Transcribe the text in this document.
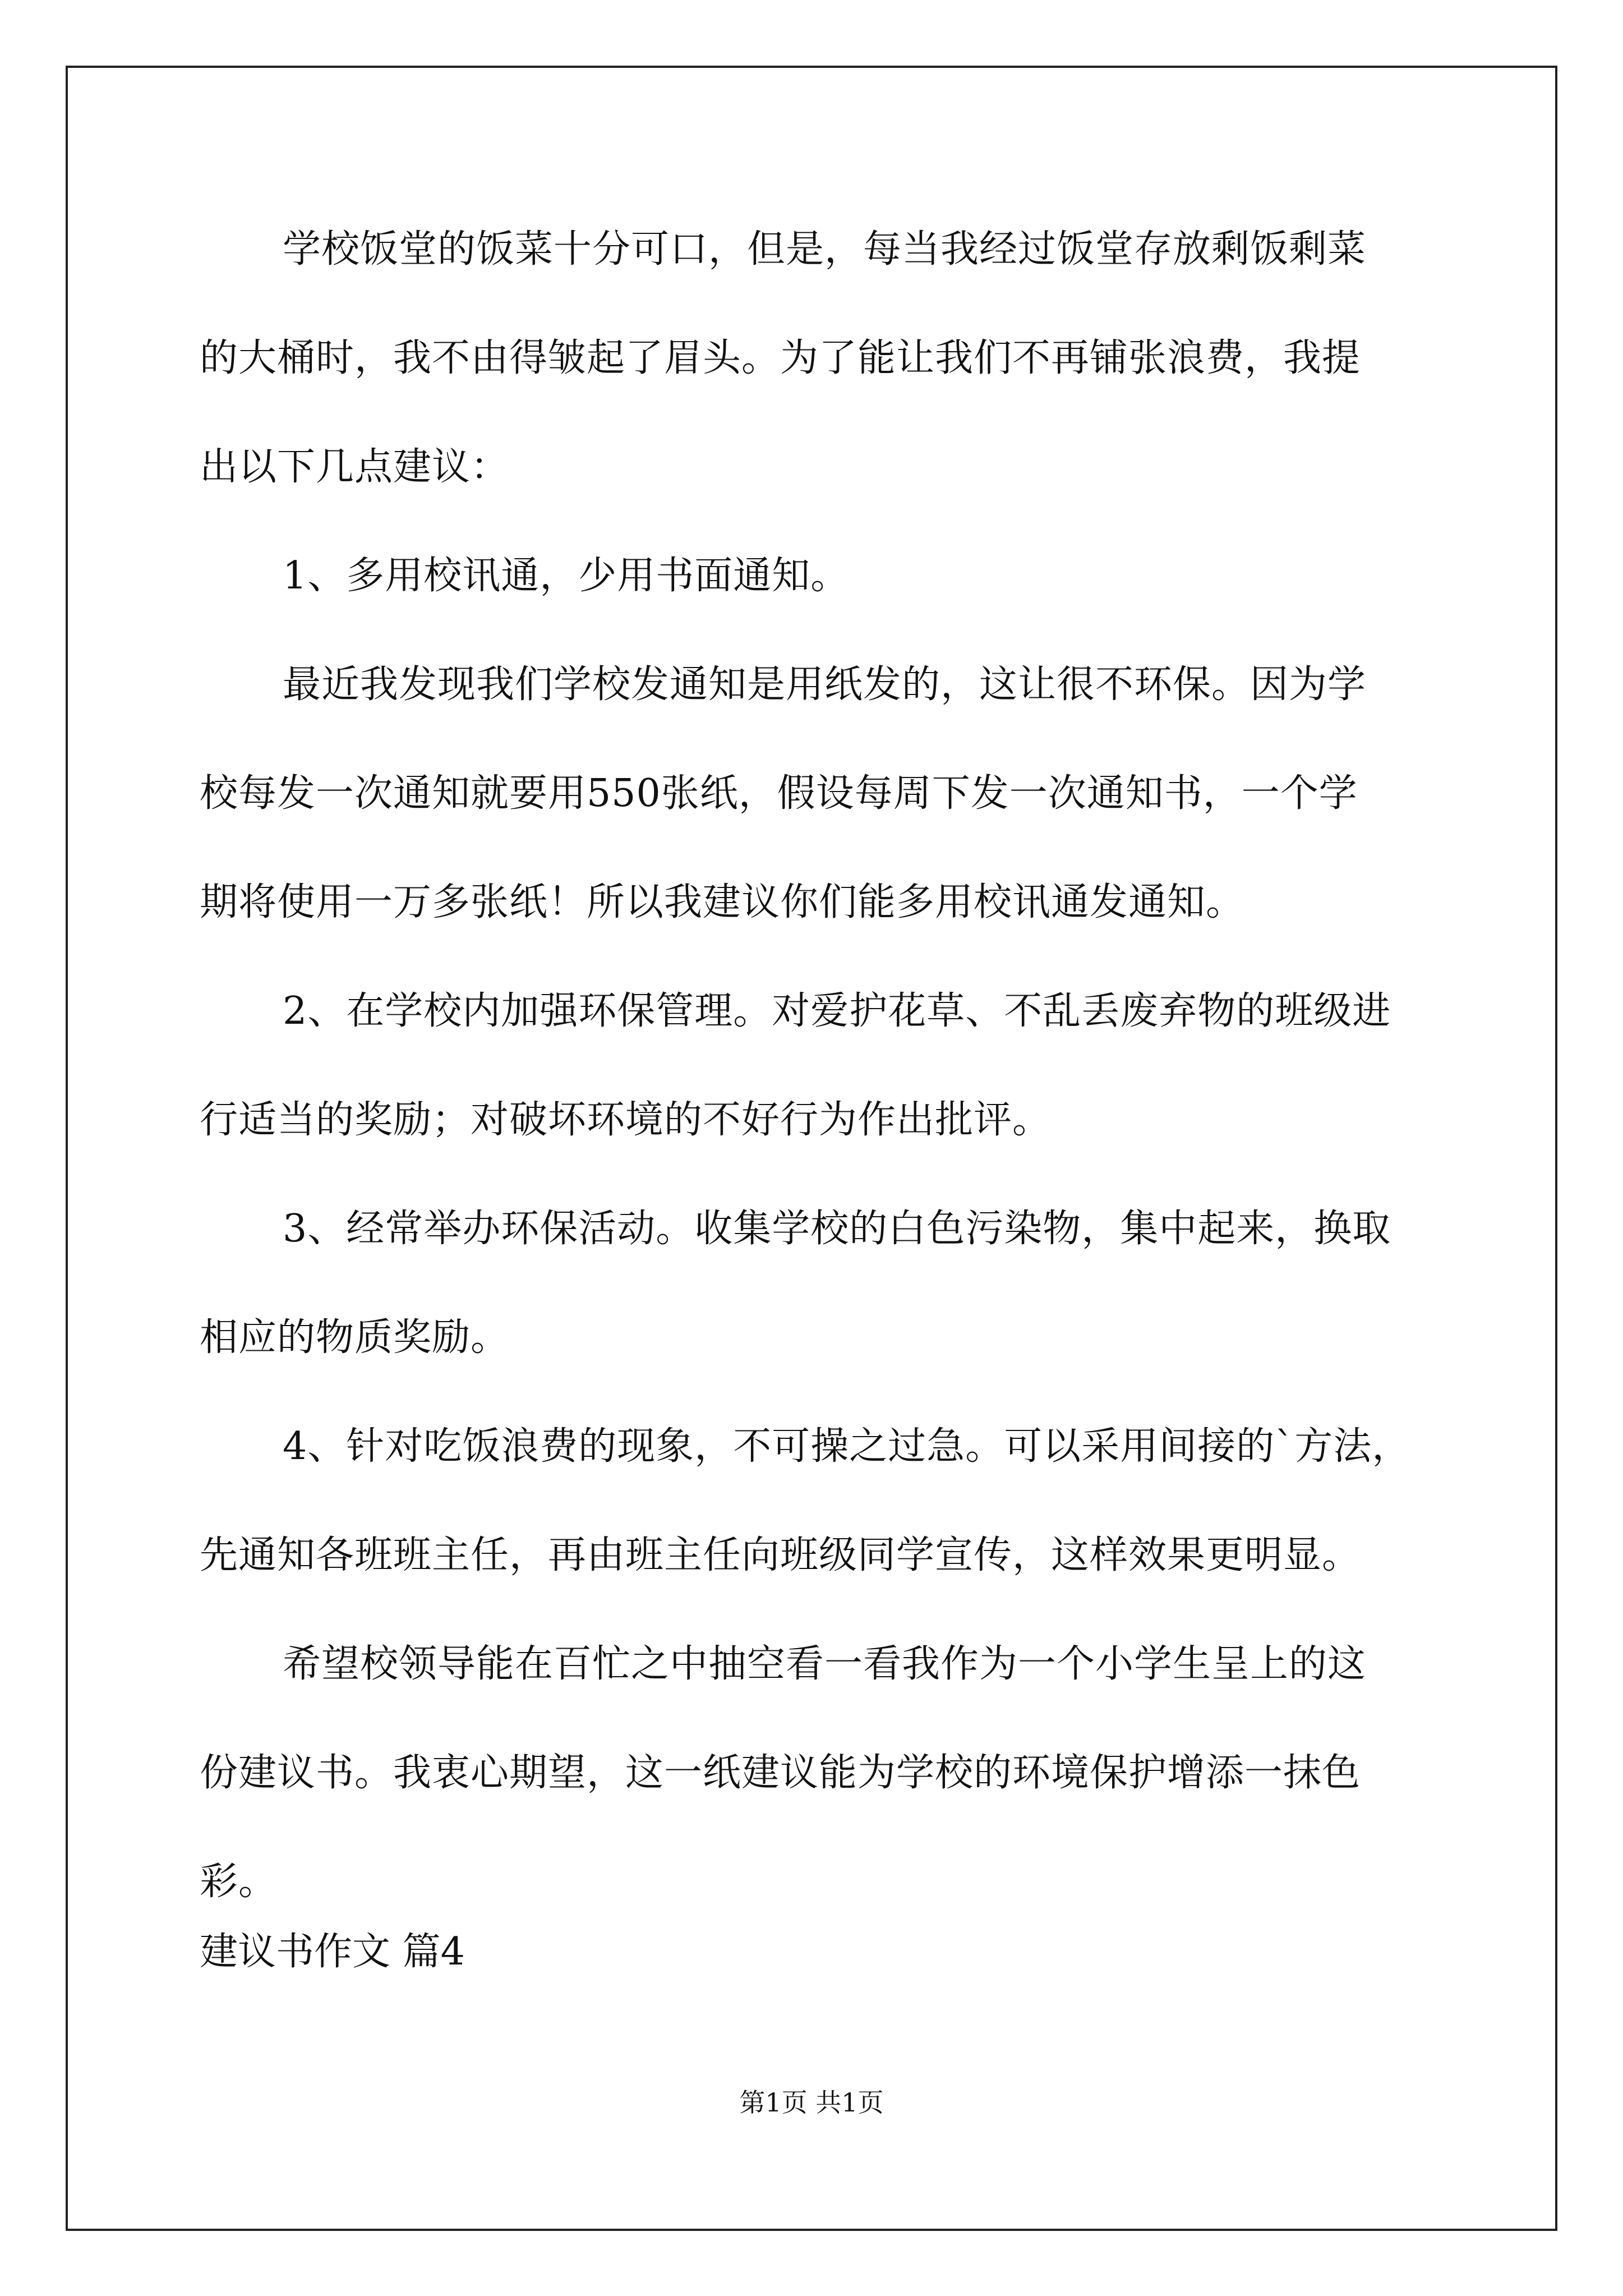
学校饭堂的饭菜十分可口，但是，每当我经过饭堂存放剩饭剩菜
的大桶时，我不由得皱起了眉头。为了能让我们不再铺张浪费，我提
出以下几点建议：
1、多用校讯通，少用书面通知。
最近我发现我们学校发通知是用纸发的，这让很不环保。因为学
校每发一次通知就要用550张纸，假设每周下发一次通知书，一个学
期将使用一万多张纸！所以我建议你们能多用校讯通发通知。
2、在学校内加强环保管理。对爱护花草、不乱丢废弃物的班级进
行适当的奖励；对破坏环境的不好行为作出批评。
3、经常举办环保活动。收集学校的白色污染物，集中起来，换取
相应的物质奖励。
4、针对吃饭浪费的现象，不可操之过急。可以采用间接的`方法，
先通知各班班主任，再由班主任向班级同学宣传，这样效果更明显。
希望校领导能在百忙之中抽空看一看我作为一个小学生呈上的这
份建议书。我衷心期望，这一纸建议能为学校的环境保护增添一抹色
彩。
建议书作文 篇4
第1页 共1页
